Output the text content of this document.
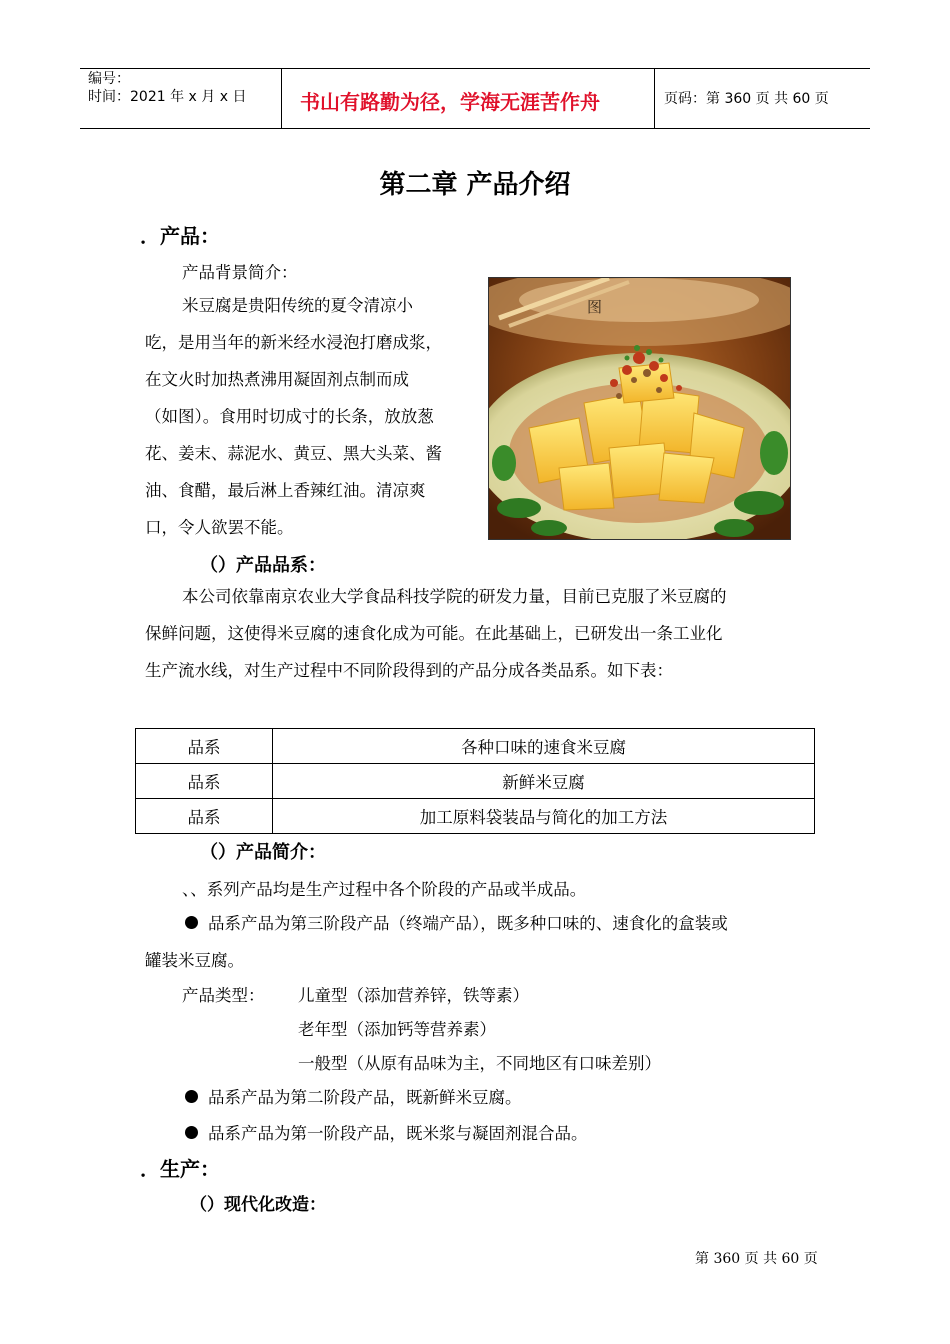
编号：
时间：2021 年 x 月 x 日	书山有路勤为径，学海无涯苦作舟	页码：第 360 页 共 60 页
第二章 产品介绍
．产品：
产品背景简介：
米豆腐是贵阳传统的夏令清凉小
吃，是用当年的新米经水浸泡打磨成浆，
在文火时加热煮沸用凝固剂点制而成
（如图）。食用时切成寸的长条，放放葱
花、姜末、蒜泥水、黄豆、黑大头菜、酱
油、食醋，最后淋上香辣红油。清凉爽
口，令人欲罢不能。
图
（）产品品系：
本公司依靠南京农业大学食品科技学院的研发力量，目前已克服了米豆腐的
保鲜问题，这使得米豆腐的速食化成为可能。在此基础上，已研发出一条工业化
生产流水线，对生产过程中不同阶段得到的产品分成各类品系。如下表：
品系	各种口味的速食米豆腐
品系	新鲜米豆腐
品系	加工原料袋装品与简化的加工方法
（）产品简介：
、、系列产品均是生产过程中各个阶段的产品或半成品。
品系产品为第三阶段产品（终端产品），既多种口味的、速食化的盒装或
罐装米豆腐。
产品类型： 儿童型（添加营养锌，铁等素）
老年型（添加钙等营养素）
一般型（从原有品味为主，不同地区有口味差别）
品系产品为第二阶段产品，既新鲜米豆腐。
品系产品为第一阶段产品，既米浆与凝固剂混合品。
．生产：
（）现代化改造：
第 360 页 共 60 页
